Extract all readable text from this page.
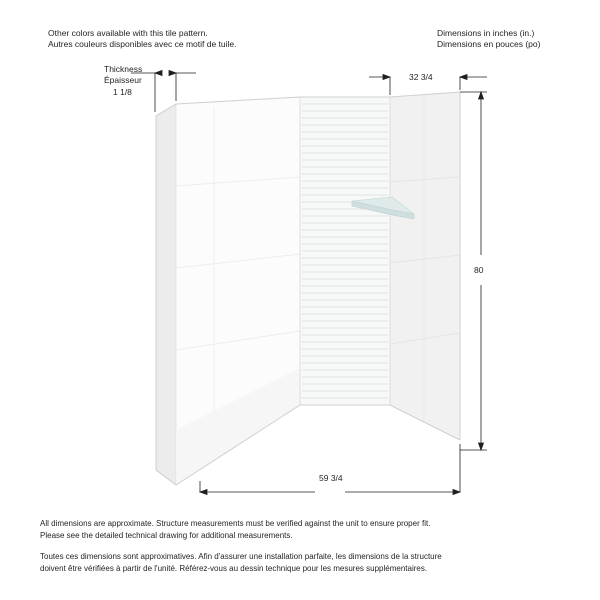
Other colors available with this tile pattern.
Autres couleurs disponibles avec ce motif de tuile.
Dimensions in inches (in.)
Dimensions en pouces (po)
Thickness
Épaisseur
1 1/8
32 3/4
80
59 3/4
All dimensions are approximate. Structure measurements must be verified against the unit to ensure proper fit.
Please see the detailed technical drawing for additional measurements.
Toutes ces dimensions sont approximatives. Afin d'assurer une installation parfaite, les dimensions de la structure
doivent être vérifiées à partir de l'unité. Référez-vous au dessin technique pour les mesures supplémentaires.
